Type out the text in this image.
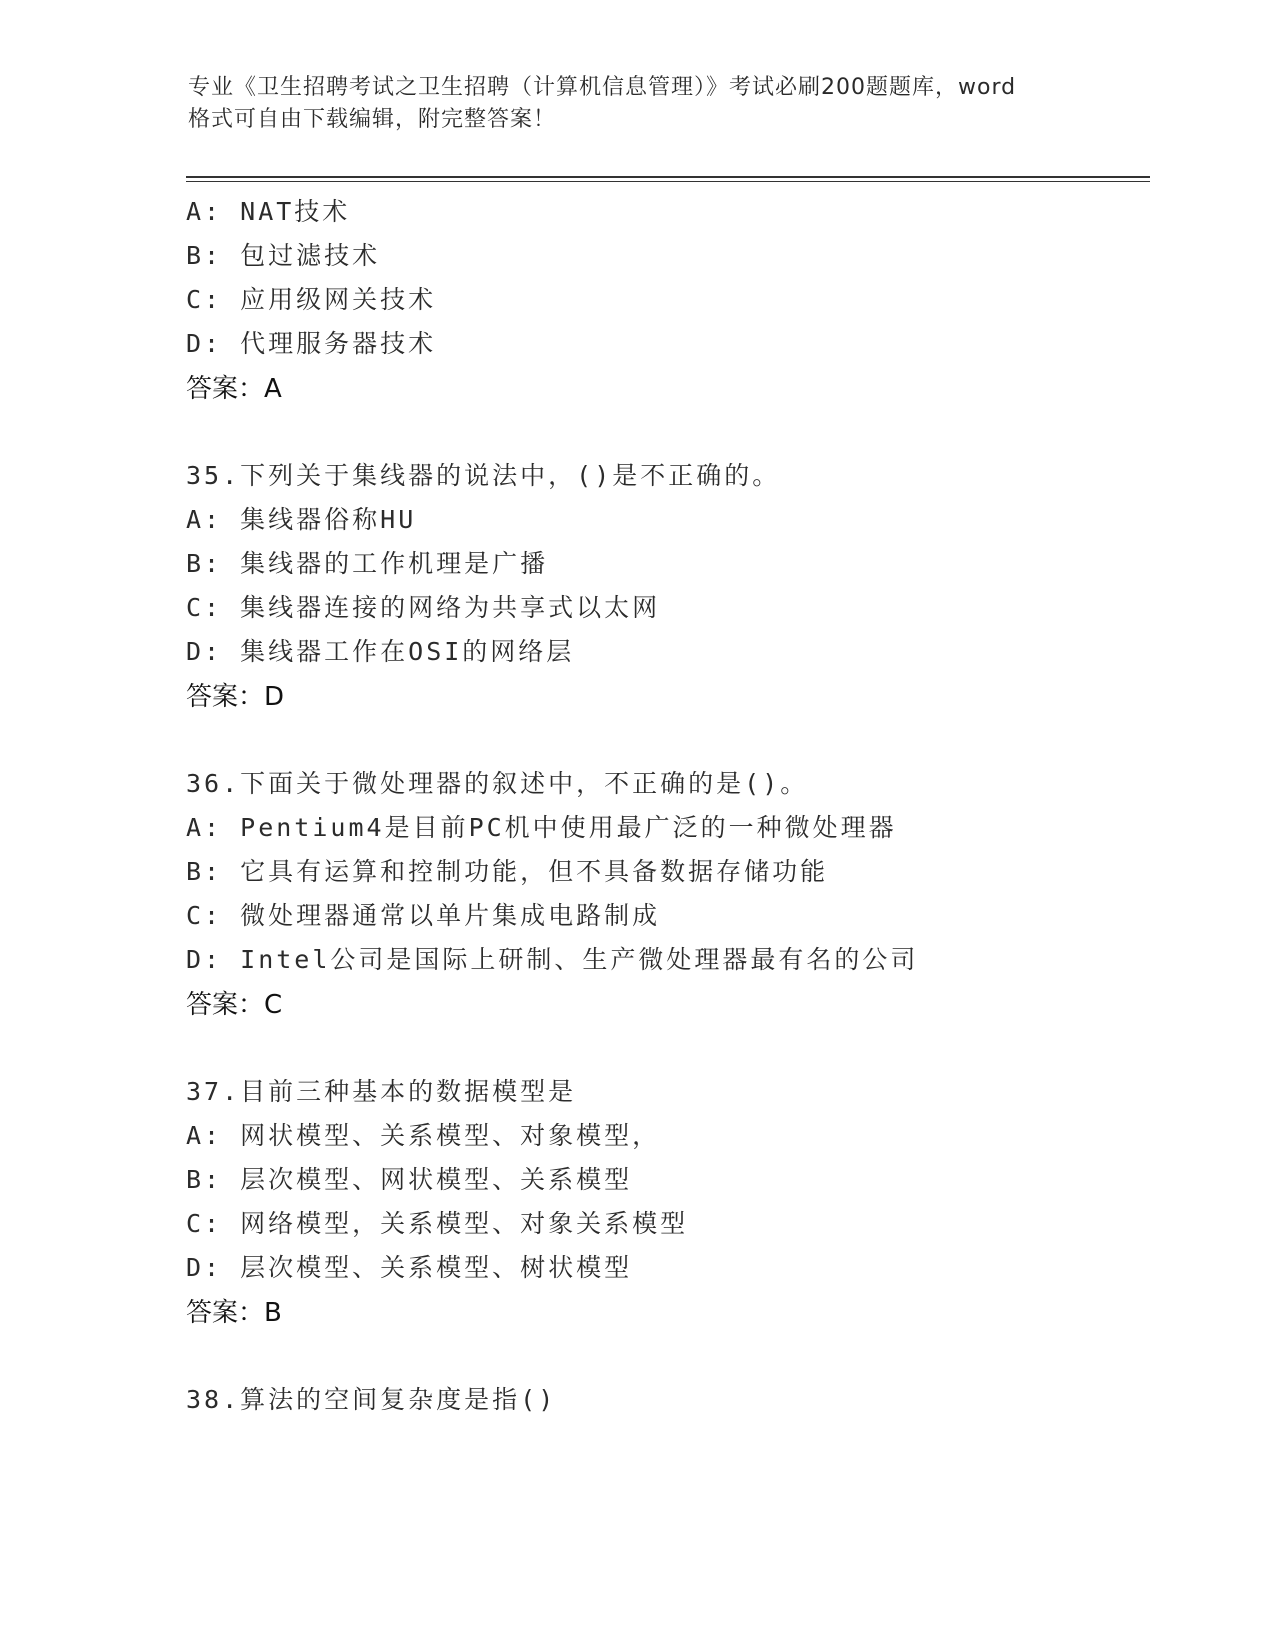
专业《卫生招聘考试之卫生招聘（计算机信息管理）》考试必刷200题题库，word
格式可自由下载编辑，附完整答案！
A: NAT技术
B: 包过滤技术
C: 应用级网关技术
D: 代理服务器技术
答案：A
35.下列关于集线器的说法中，()是不正确的。
A: 集线器俗称HU
B: 集线器的工作机理是广播
C: 集线器连接的网络为共享式以太网
D: 集线器工作在OSI的网络层
答案：D
36.下面关于微处理器的叙述中，不正确的是()。
A: Pentium4是目前PC机中使用最广泛的一种微处理器
B: 它具有运算和控制功能，但不具备数据存储功能
C: 微处理器通常以单片集成电路制成
D: Intel公司是国际上研制、生产微处理器最有名的公司
答案：C
37.目前三种基本的数据模型是
A: 网状模型、关系模型、对象模型，
B: 层次模型、网状模型、关系模型
C: 网络模型，关系模型、对象关系模型
D: 层次模型、关系模型、树状模型
答案：B
38.算法的空间复杂度是指()
